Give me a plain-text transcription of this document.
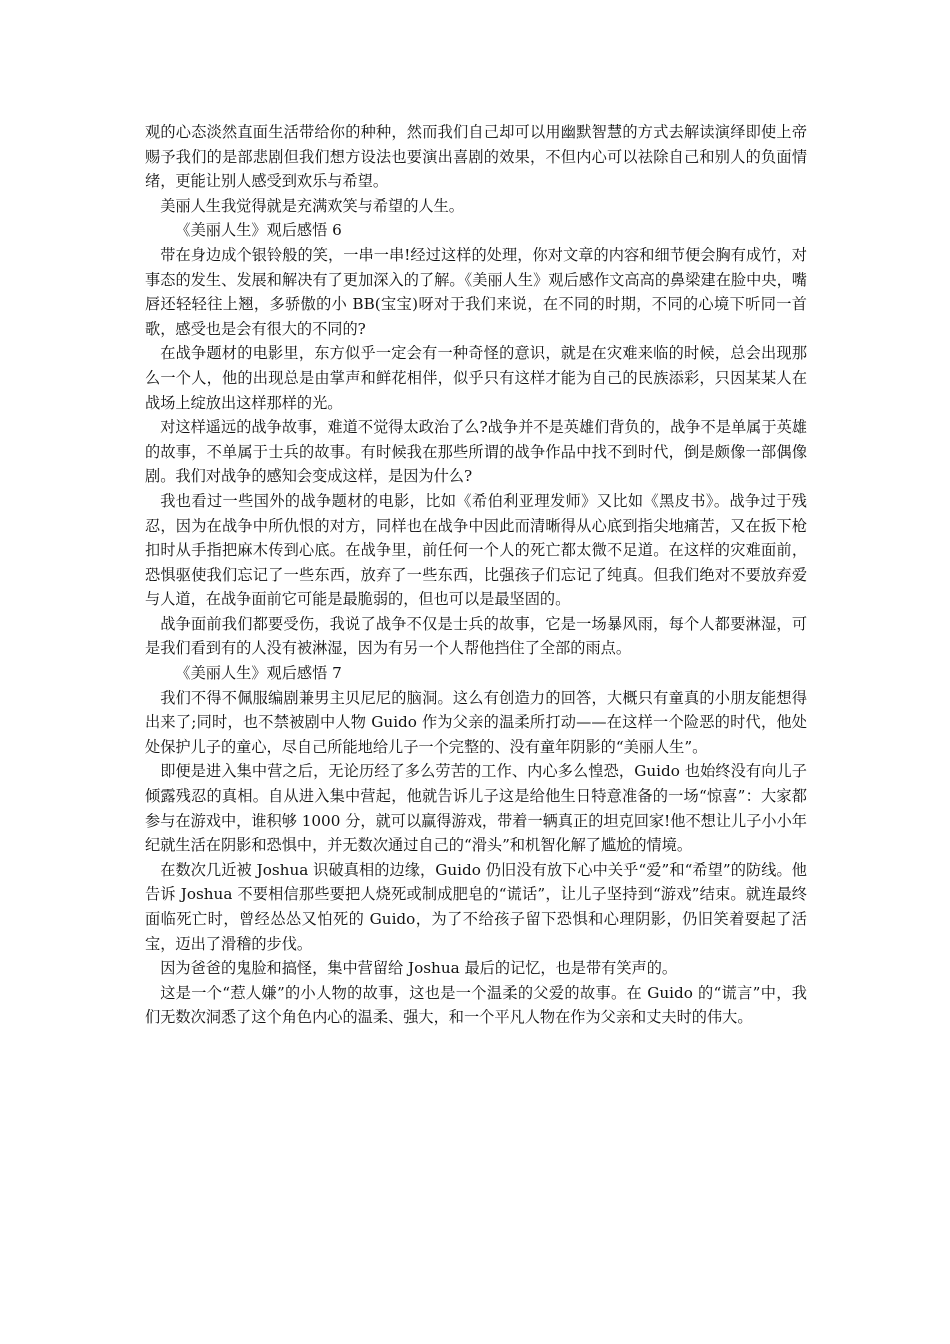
观的心态淡然直面生活带给你的种种，然而我们自己却可以用幽默智慧的方式去解读演绎即使上帝赐予我们的是部悲剧但我们想方设法也要演出喜剧的效果，不但内心可以祛除自己和别人的负面情绪，更能让别人感受到欢乐与希望。

美丽人生我觉得就是充满欢笑与希望的人生。

《美丽人生》观后感悟 6

带在身边成个银铃般的笑，一串一串!经过这样的处理，你对文章的内容和细节便会胸有成竹，对事态的发生、发展和解决有了更加深入的了解。《美丽人生》观后感作文高高的鼻梁建在脸中央，嘴唇还轻轻往上翘，多骄傲的小 BB(宝宝)呀对于我们来说，在不同的时期，不同的心境下听同一首歌，感受也是会有很大的不同的?

在战争题材的电影里，东方似乎一定会有一种奇怪的意识，就是在灾难来临的时候，总会出现那么一个人，他的出现总是由掌声和鲜花相伴，似乎只有这样才能为自己的民族添彩，只因某某人在战场上绽放出这样那样的光。

对这样遥远的战争故事，难道不觉得太政治了么?战争并不是英雄们背负的，战争不是单属于英雄的故事，不单属于士兵的故事。有时候我在那些所谓的战争作品中找不到时代，倒是颇像一部偶像剧。我们对战争的感知会变成这样，是因为什么?

我也看过一些国外的战争题材的电影，比如《希伯利亚理发师》又比如《黑皮书》。战争过于残忍，因为在战争中所仇恨的对方，同样也在战争中因此而清晰得从心底到指尖地痛苦，又在扳下枪扣时从手指把麻木传到心底。在战争里，前任何一个人的死亡都太微不足道。在这样的灾难面前，恐惧驱使我们忘记了一些东西，放弃了一些东西，比强孩子们忘记了纯真。但我们绝对不要放弃爱与人道，在战争面前它可能是最脆弱的，但也可以是最坚固的。

战争面前我们都要受伤，我说了战争不仅是士兵的故事，它是一场暴风雨，每个人都要淋湿，可是我们看到有的人没有被淋湿，因为有另一个人帮他挡住了全部的雨点。

《美丽人生》观后感悟 7

我们不得不佩服编剧兼男主贝尼尼的脑洞。这么有创造力的回答，大概只有童真的小朋友能想得出来了;同时，也不禁被剧中人物 Guido 作为父亲的温柔所打动——在这样一个险恶的时代，他处处保护儿子的童心，尽自己所能地给儿子一个完整的、没有童年阴影的“美丽人生”。

即便是进入集中营之后，无论历经了多么劳苦的工作、内心多么惶恐，Guido 也始终没有向儿子倾露残忍的真相。自从进入集中营起，他就告诉儿子这是给他生日特意准备的一场“惊喜”：大家都参与在游戏中，谁积够 1000 分，就可以赢得游戏，带着一辆真正的坦克回家!他不想让儿子小小年纪就生活在阴影和恐惧中，并无数次通过自己的“滑头”和机智化解了尴尬的情境。

在数次几近被 Joshua 识破真相的边缘，Guido 仍旧没有放下心中关乎“爱”和“希望”的防线。他告诉 Joshua 不要相信那些要把人烧死或制成肥皂的“谎话”，让儿子坚持到“游戏”结束。就连最终面临死亡时，曾经怂怂又怕死的 Guido，为了不给孩子留下恐惧和心理阴影，仍旧笑着耍起了活宝，迈出了滑稽的步伐。

因为爸爸的鬼脸和搞怪，集中营留给 Joshua 最后的记忆，也是带有笑声的。

这是一个“惹人嫌”的小人物的故事，这也是一个温柔的父爱的故事。在 Guido 的“谎言”中，我们无数次洞悉了这个角色内心的温柔、强大，和一个平凡人物在作为父亲和丈夫时的伟大。
